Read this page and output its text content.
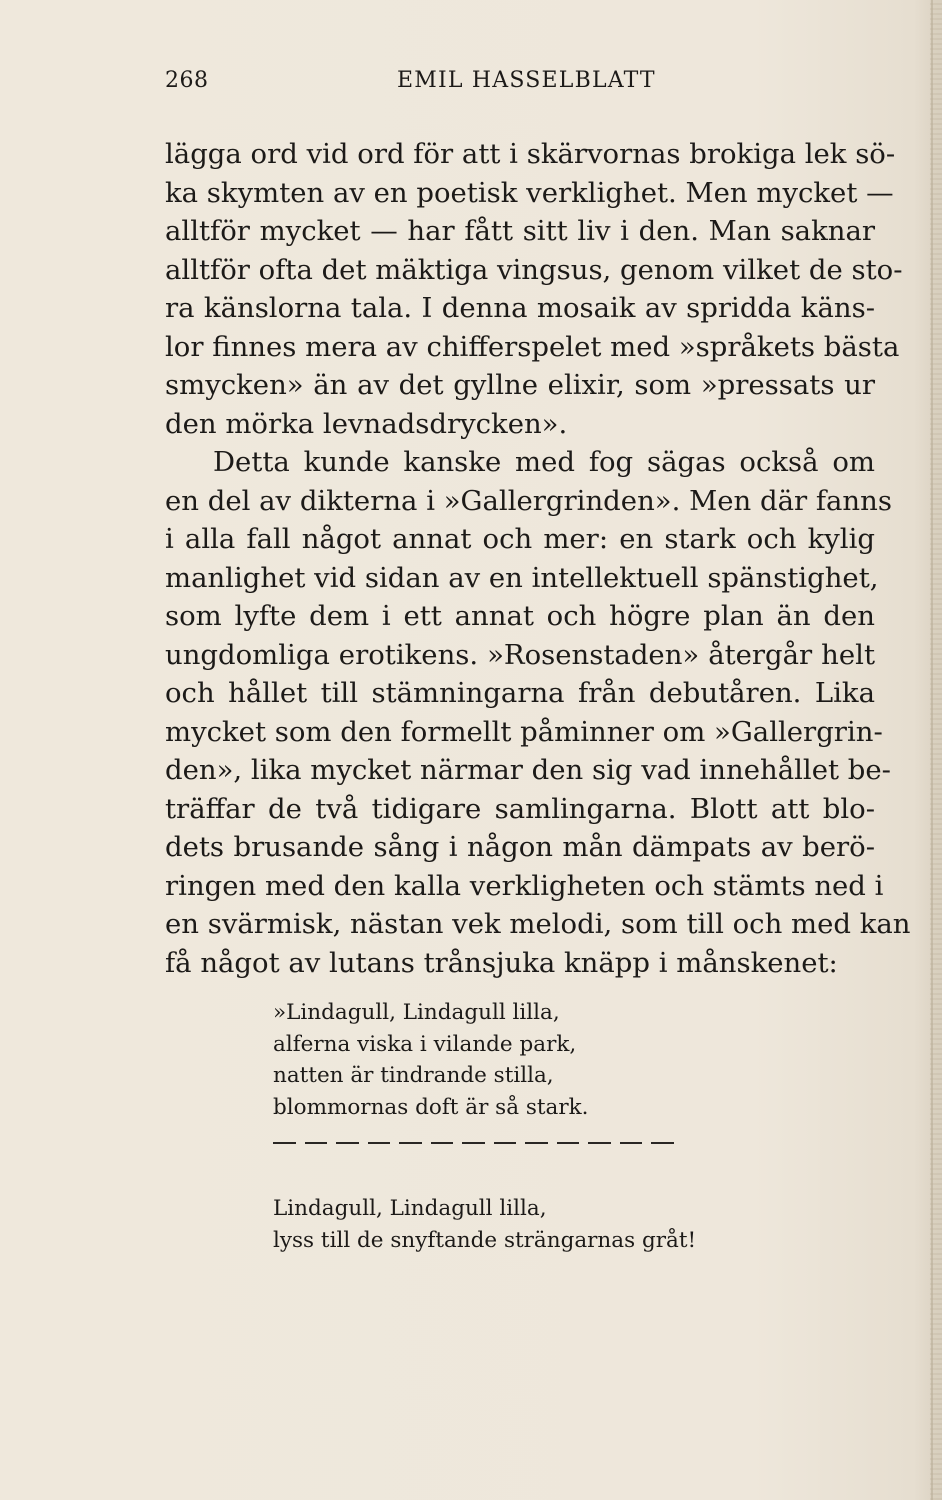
268	EMIL HASSELBLATT
lägga ord vid ord för att i skärvornas brokiga lek sö-
ka skymten av en poetisk verklighet. Men mycket —
alltför mycket — har fått sitt liv i den. Man saknar
alltför ofta det mäktiga vingsus, genom vilket de sto-
ra känslorna tala. I denna mosaik av spridda käns-
lor finnes mera av chifferspelet med »språkets bästa
smycken» än av det gyllne elixir, som »pressats ur
den mörka levnadsdrycken».
Detta kunde kanske med fog sägas också om
en del av dikterna i »Gallergrinden». Men där fanns
i alla fall något annat och mer: en stark och kylig
manlighet vid sidan av en intellektuell spänstighet,
som lyfte dem i ett annat och högre plan än den
ungdomliga erotikens. »Rosenstaden» återgår helt
och hållet till stämningarna från debutåren. Lika
mycket som den formellt påminner om »Gallergrin-
den», lika mycket närmar den sig vad innehållet be-
träffar de två tidigare samlingarna. Blott att blo-
dets brusande sång i någon mån dämpats av berö-
ringen med den kalla verkligheten och stämts ned i
en svärmisk, nästan vek melodi, som till och med kan
få något av lutans trånsjuka knäpp i månskenet:
»Lindagull, Lindagull lilla,
alferna viska i vilande park,
natten är tindrande stilla,
blommornas doft är så stark.
Lindagull, Lindagull lilla,
lyss till de snyftande strängarnas gråt!
